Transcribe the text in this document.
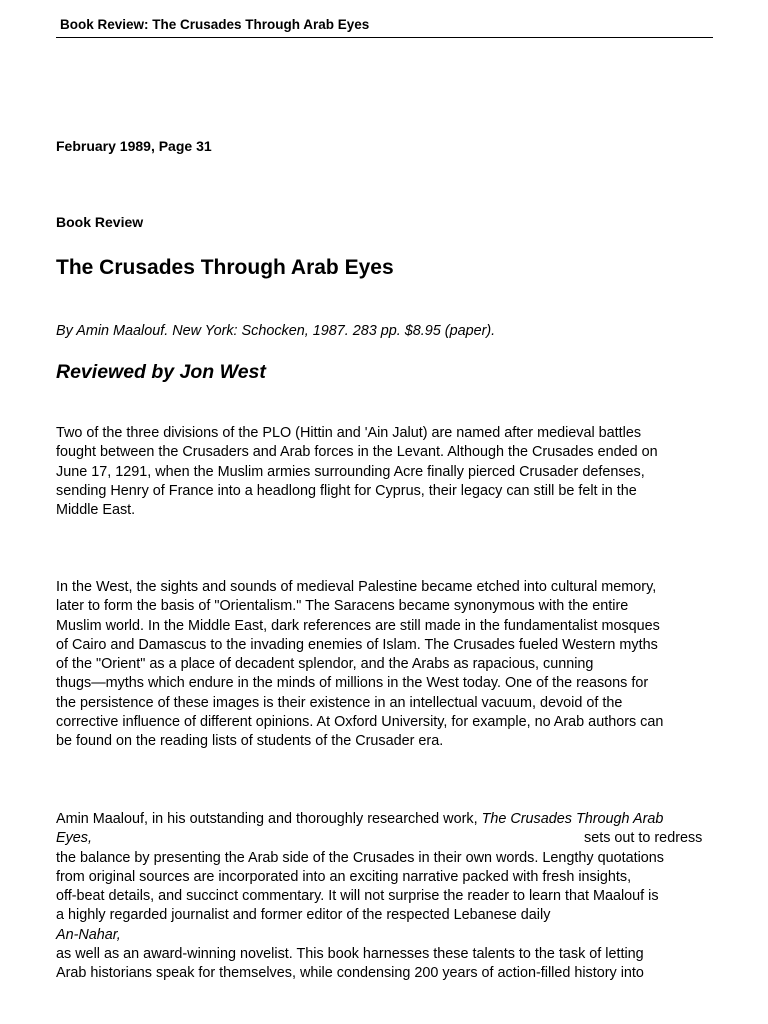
Book Review: The Crusades Through Arab Eyes
February 1989, Page 31
Book Review
The Crusades Through Arab Eyes
By Amin Maalouf. New York: Schocken, 1987. 283 pp. $8.95 (paper).
Reviewed by Jon West
Two of the three divisions of the PLO (Hittin and 'Ain Jalut) are named after medieval battles
fought between the Crusaders and Arab forces in the Levant. Although the Crusades ended on
June 17, 1291, when the Muslim armies surrounding Acre finally pierced Crusader defenses,
sending Henry of France into a headlong flight for Cyprus, their legacy can still be felt in the
Middle East.
In the West, the sights and sounds of medieval Palestine became etched into cultural memory,
later to form the basis of "Orientalism." The Saracens became synonymous with the entire
Muslim world. In the Middle East, dark references are still made in the fundamentalist mosques
of Cairo and Damascus to the invading enemies of Islam. The Crusades fueled Western myths
of the "Orient" as a place of decadent splendor, and the Arabs as rapacious, cunning
thugs—myths which endure in the minds of millions in the West today. One of the reasons for
the persistence of these images is their existence in an intellectual vacuum, devoid of the
corrective influence of different opinions. At Oxford University, for example, no Arab authors can
be found on the reading lists of students of the Crusader era.
Amin Maalouf, in his outstanding and thoroughly researched work, The Crusades Through Arab
Eyes,	sets out to redress
the balance by presenting the Arab side of the Crusades in their own words. Lengthy quotations
from original sources are incorporated into an exciting narrative packed with fresh insights,
off-beat details, and succinct commentary. It will not surprise the reader to learn that Maalouf is
a highly regarded journalist and former editor of the respected Lebanese daily
An-Nahar,
as well as an award-winning novelist. This book harnesses these talents to the task of letting
Arab historians speak for themselves, while condensing 200 years of action-filled history into
